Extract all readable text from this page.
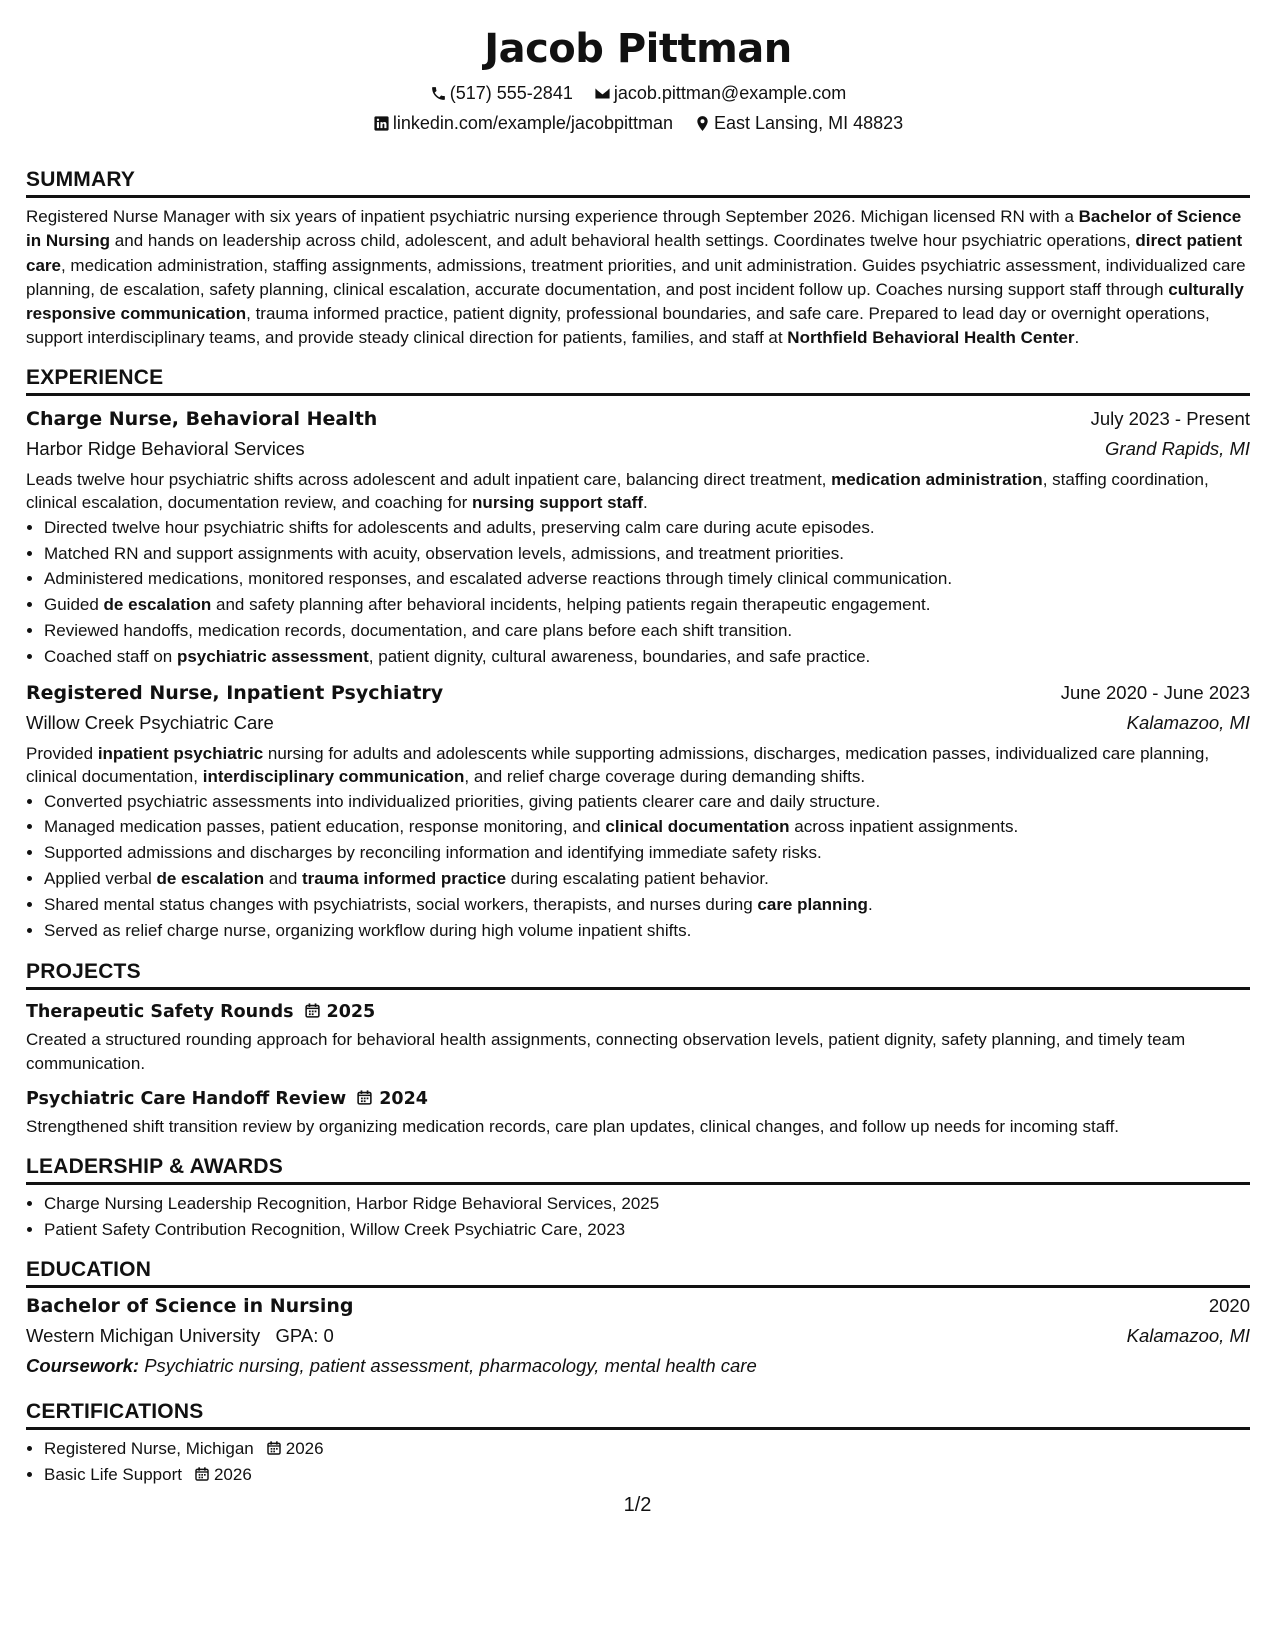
Jacob Pittman
(517) 555-2841 jacob.pittman@example.com
linkedin.com/example/jacobpittman East Lansing, MI 48823
SUMMARY
Registered Nurse Manager with six years of inpatient psychiatric nursing experience through September 2026. Michigan licensed RN with a Bachelor of Science in Nursing and hands on leadership across child, adolescent, and adult behavioral health settings. Coordinates twelve hour psychiatric operations, direct patient care, medication administration, staffing assignments, admissions, treatment priorities, and unit administration. Guides psychiatric assessment, individualized care planning, de escalation, safety planning, clinical escalation, accurate documentation, and post incident follow up. Coaches nursing support staff through culturally responsive communication, trauma informed practice, patient dignity, professional boundaries, and safe care. Prepared to lead day or overnight operations, support interdisciplinary teams, and provide steady clinical direction for patients, families, and staff at Northfield Behavioral Health Center.
EXPERIENCE
Charge Nurse, Behavioral Health	July 2023 - Present
Harbor Ridge Behavioral Services	Grand Rapids, MI
Leads twelve hour psychiatric shifts across adolescent and adult inpatient care, balancing direct treatment, medication administration, staffing coordination, clinical escalation, documentation review, and coaching for nursing support staff.
• Directed twelve hour psychiatric shifts for adolescents and adults, preserving calm care during acute episodes.
• Matched RN and support assignments with acuity, observation levels, admissions, and treatment priorities.
• Administered medications, monitored responses, and escalated adverse reactions through timely clinical communication.
• Guided de escalation and safety planning after behavioral incidents, helping patients regain therapeutic engagement.
• Reviewed handoffs, medication records, documentation, and care plans before each shift transition.
• Coached staff on psychiatric assessment, patient dignity, cultural awareness, boundaries, and safe practice.
Registered Nurse, Inpatient Psychiatry	June 2020 - June 2023
Willow Creek Psychiatric Care	Kalamazoo, MI
Provided inpatient psychiatric nursing for adults and adolescents while supporting admissions, discharges, medication passes, individualized care planning, clinical documentation, interdisciplinary communication, and relief charge coverage during demanding shifts.
• Converted psychiatric assessments into individualized priorities, giving patients clearer care and daily structure.
• Managed medication passes, patient education, response monitoring, and clinical documentation across inpatient assignments.
• Supported admissions and discharges by reconciling information and identifying immediate safety risks.
• Applied verbal de escalation and trauma informed practice during escalating patient behavior.
• Shared mental status changes with psychiatrists, social workers, therapists, and nurses during care planning.
• Served as relief charge nurse, organizing workflow during high volume inpatient shifts.
PROJECTS
Therapeutic Safety Rounds 2025
Created a structured rounding approach for behavioral health assignments, connecting observation levels, patient dignity, safety planning, and timely team communication.
Psychiatric Care Handoff Review 2024
Strengthened shift transition review by organizing medication records, care plan updates, clinical changes, and follow up needs for incoming staff.
LEADERSHIP & AWARDS
• Charge Nursing Leadership Recognition, Harbor Ridge Behavioral Services, 2025
• Patient Safety Contribution Recognition, Willow Creek Psychiatric Care, 2023
EDUCATION
Bachelor of Science in Nursing	2020
Western Michigan University GPA: 0	Kalamazoo, MI
Coursework: Psychiatric nursing, patient assessment, pharmacology, mental health care
CERTIFICATIONS
• Registered Nurse, Michigan 2026
• Basic Life Support 2026
1/2
